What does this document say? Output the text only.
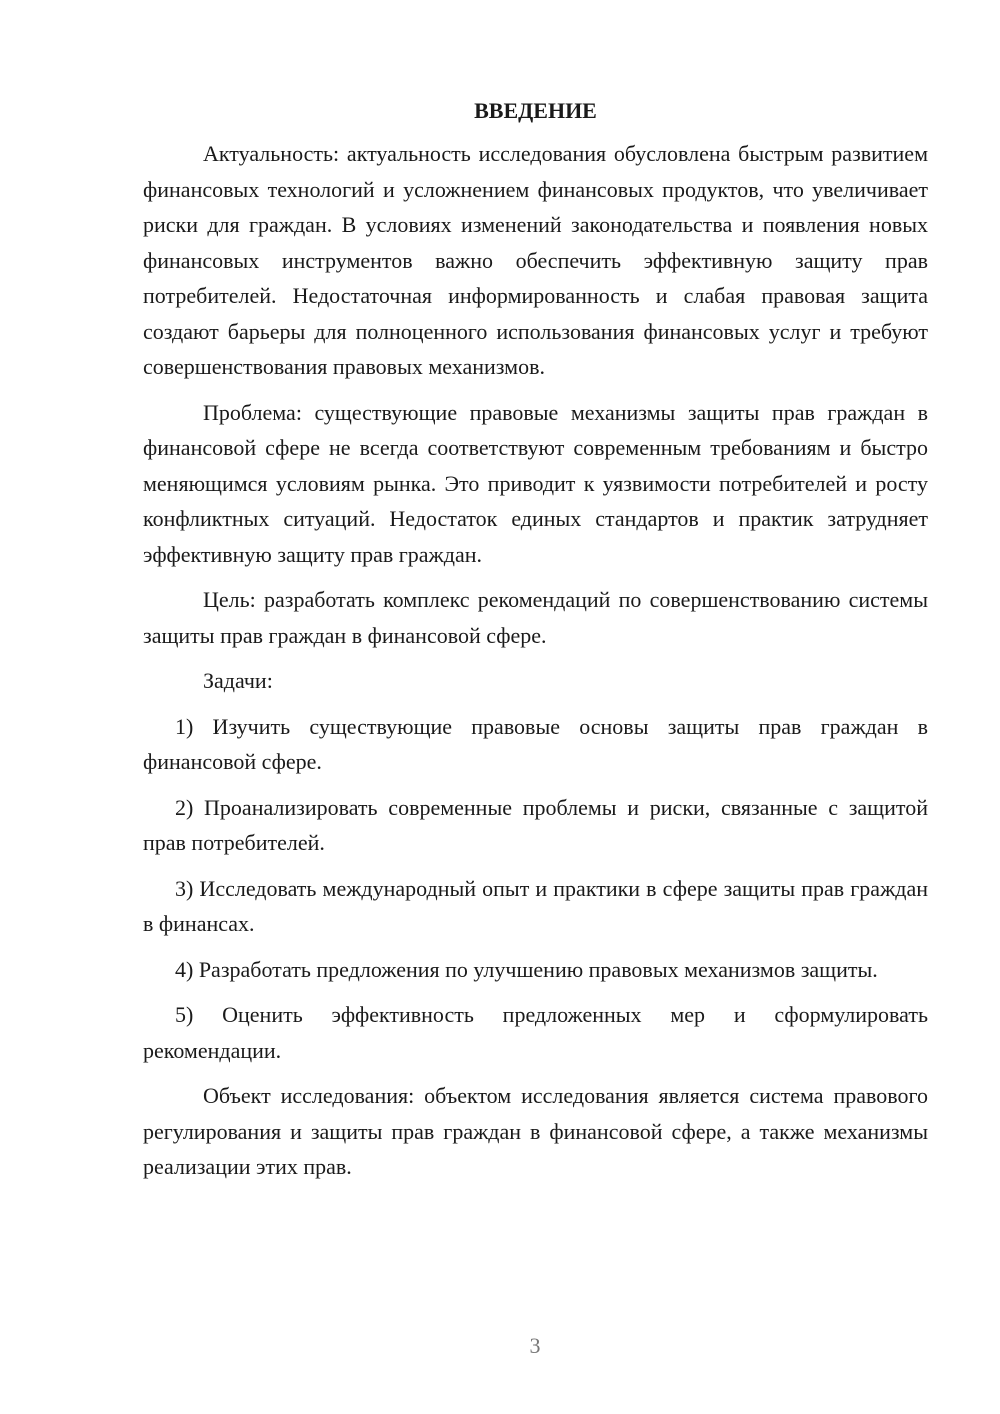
ВВЕДЕНИЕ

Актуальность: актуальность исследования обусловлена быстрым развитием финансовых технологий и усложнением финансовых продуктов, что увеличивает риски для граждан. В условиях изменений законодательства и появления новых финансовых инструментов важно обеспечить эффективную защиту прав потребителей. Недостаточная информированность и слабая правовая защита создают барьеры для полноценного использования финансовых услуг и требуют совершенствования правовых механизмов.

Проблема: существующие правовые механизмы защиты прав граждан в финансовой сфере не всегда соответствуют современным требованиям и быстро меняющимся условиям рынка. Это приводит к уязвимости потребителей и росту конфликтных ситуаций. Недостаток единых стандартов и практик затрудняет эффективную защиту прав граждан.

Цель: разработать комплекс рекомендаций по совершенствованию системы защиты прав граждан в финансовой сфере.

Задачи:

1) Изучить существующие правовые основы защиты прав граждан в финансовой сфере.

2) Проанализировать современные проблемы и риски, связанные с защитой прав потребителей.

3) Исследовать международный опыт и практики в сфере защиты прав граждан в финансах.

4) Разработать предложения по улучшению правовых механизмов защиты.

5) Оценить эффективность предложенных мер и сформулировать рекомендации.

Объект исследования: объектом исследования является система правового регулирования и защиты прав граждан в финансовой сфере, а также механизмы реализации этих прав.

3
